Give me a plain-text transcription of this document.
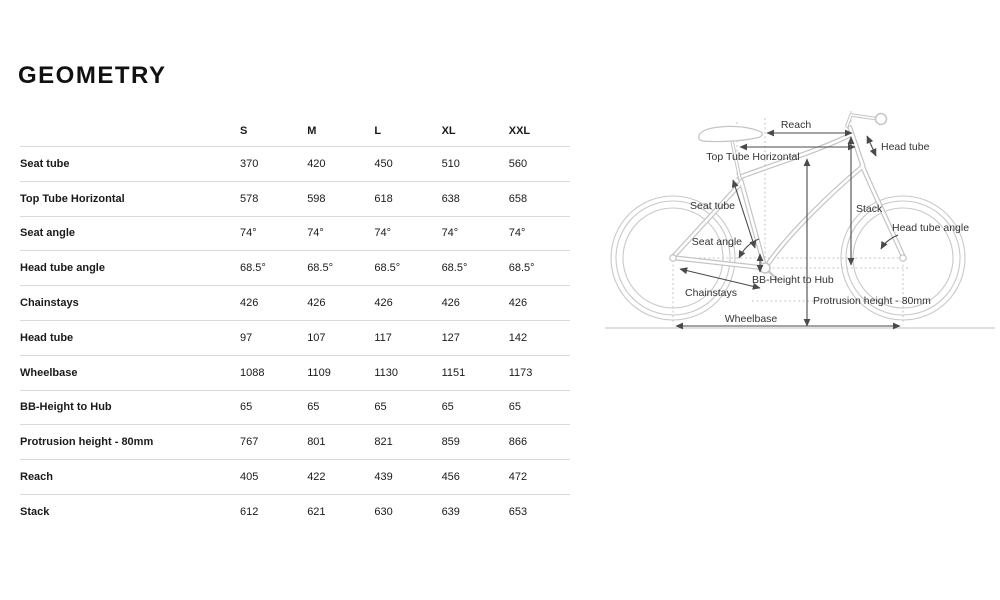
GEOMETRY
S	M	L	XL	XXL
Seat tube	370	420	450	510	560
Top Tube Horizontal	578	598	618	638	658
Seat angle	74°	74°	74°	74°	74°
Head tube angle	68.5°	68.5°	68.5°	68.5°	68.5°
Chainstays	426	426	426	426	426
Head tube	97	107	117	127	142
Wheelbase	1088	1109	1130	1151	1173
BB-Height to Hub	65	65	65	65	65
Protrusion height - 80mm	767	801	821	859	866
Reach	405	422	439	456	472
Stack	612	621	630	639	653
Reach
Head tube
Top Tube Horizontal
Seat tube	Stack
Head tube angle
Seat angle
BB-Height to Hub
Chainstays
Protrusion height - 80mm
Wheelbase
